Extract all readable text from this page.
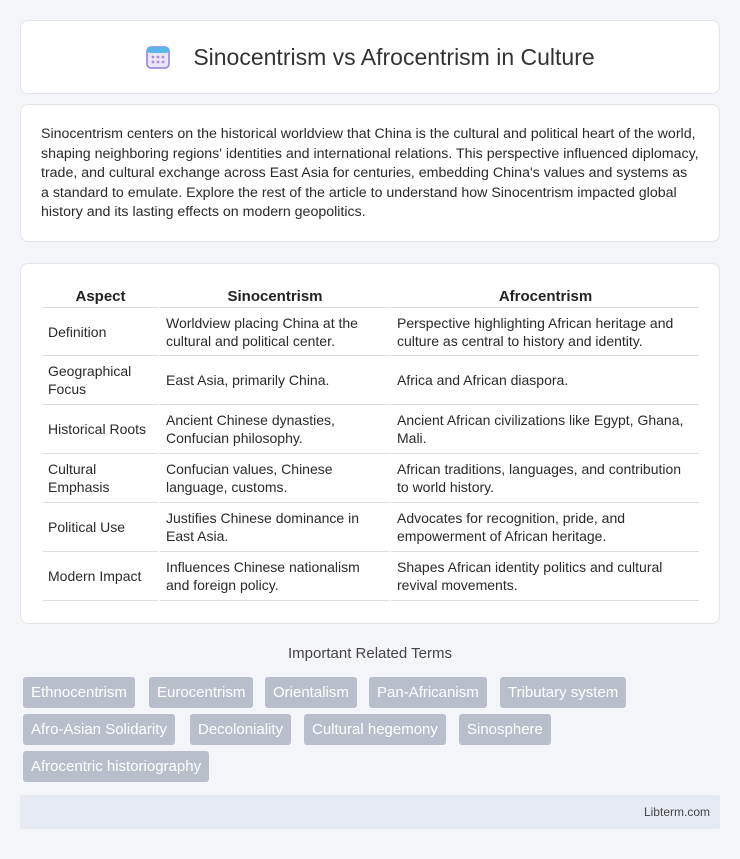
Sinocentrism vs Afrocentrism in Culture

Sinocentrism centers on the historical worldview that China is the cultural and political heart of the world, shaping neighboring regions' identities and international relations. This perspective influenced diplomacy, trade, and cultural exchange across East Asia for centuries, embedding China's values and systems as a standard to emulate. Explore the rest of the article to understand how Sinocentrism impacted global history and its lasting effects on modern geopolitics.

Aspect	Sinocentrism	Afrocentrism
Definition	Worldview placing China at the cultural and political center.	Perspective highlighting African heritage and culture as central to history and identity.
Geographical Focus	East Asia, primarily China.	Africa and African diaspora.
Historical Roots	Ancient Chinese dynasties, Confucian philosophy.	Ancient African civilizations like Egypt, Ghana, Mali.
Cultural Emphasis	Confucian values, Chinese language, customs.	African traditions, languages, and contribution to world history.
Political Use	Justifies Chinese dominance in East Asia.	Advocates for recognition, pride, and empowerment of African heritage.
Modern Impact	Influences Chinese nationalism and foreign policy.	Shapes African identity politics and cultural revival movements.
Important Related Terms
Ethnocentrism	Eurocentrism	Orientalism	Pan-Africanism	Tributary system
Afro-Asian Solidarity	Decoloniality	Cultural hegemony	Sinosphere
Afrocentric historiography
Libterm.com
